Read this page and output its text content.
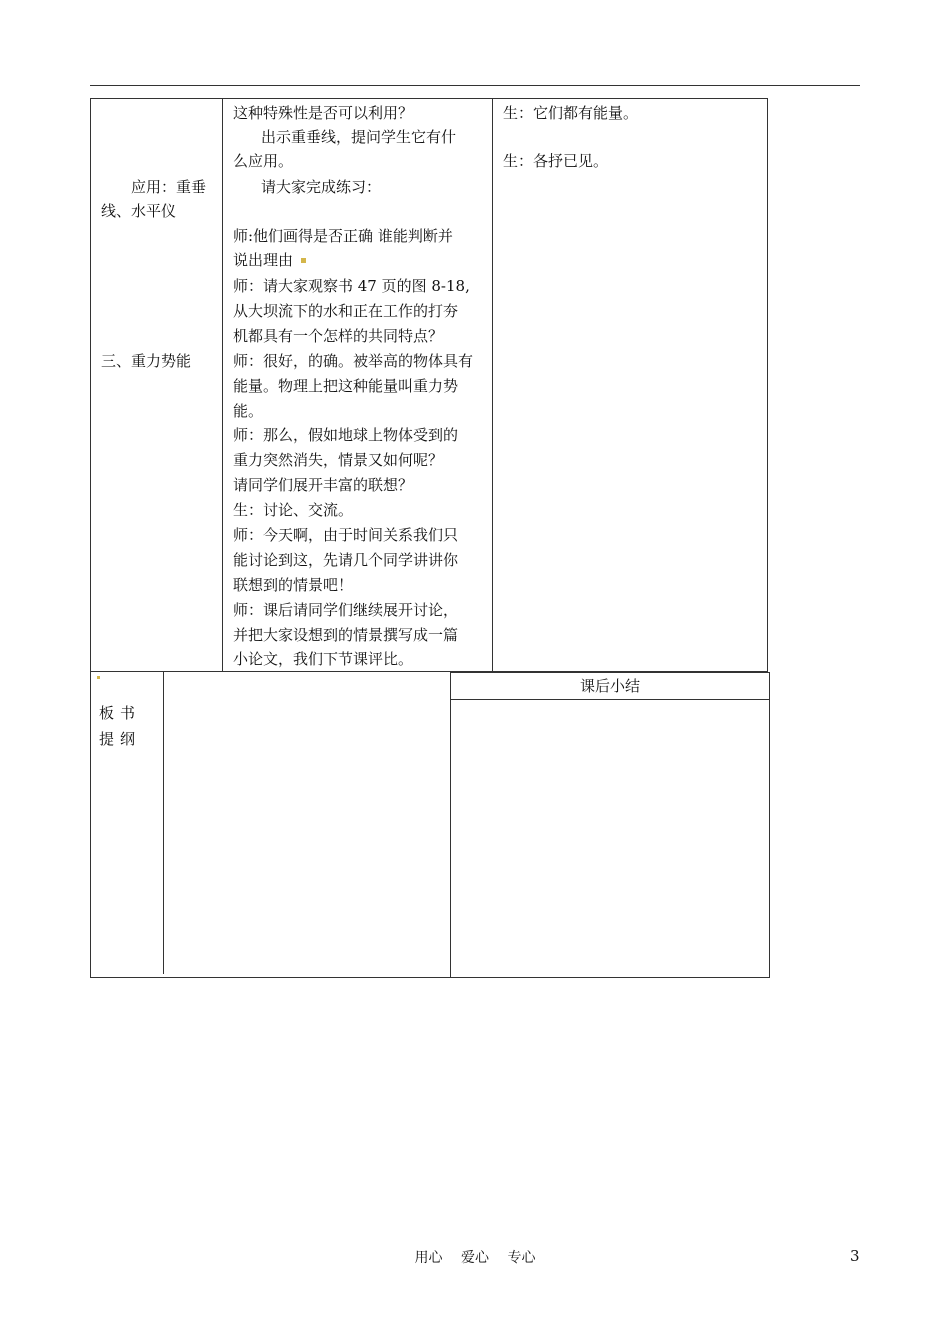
应用：重垂
线、水平仪
三、重力势能
这种特殊性是否可以利用？
出示重垂线，提问学生它有什
么应用。
请大家完成练习：
师:他们画得是否正确 谁能判断并
说出理由
师：请大家观察书 47 页的图 8-18,
从大坝流下的水和正在工作的打夯
机都具有一个怎样的共同特点？
师：很好，的确。被举高的物体具有
能量。物理上把这种能量叫重力势
能。
师：那么，假如地球上物体受到的
重力突然消失，情景又如何呢？
请同学们展开丰富的联想？
生：讨论、交流。
师：今天啊，由于时间关系我们只
能讨论到这，先请几个同学讲讲你
联想到的情景吧！
师：课后请同学们继续展开讨论，
并把大家设想到的情景撰写成一篇
小论文，我们下节课评比。
生：它们都有能量。
生：各抒已见。
板书提纲
课后小结
用心 爱心 专心	3
